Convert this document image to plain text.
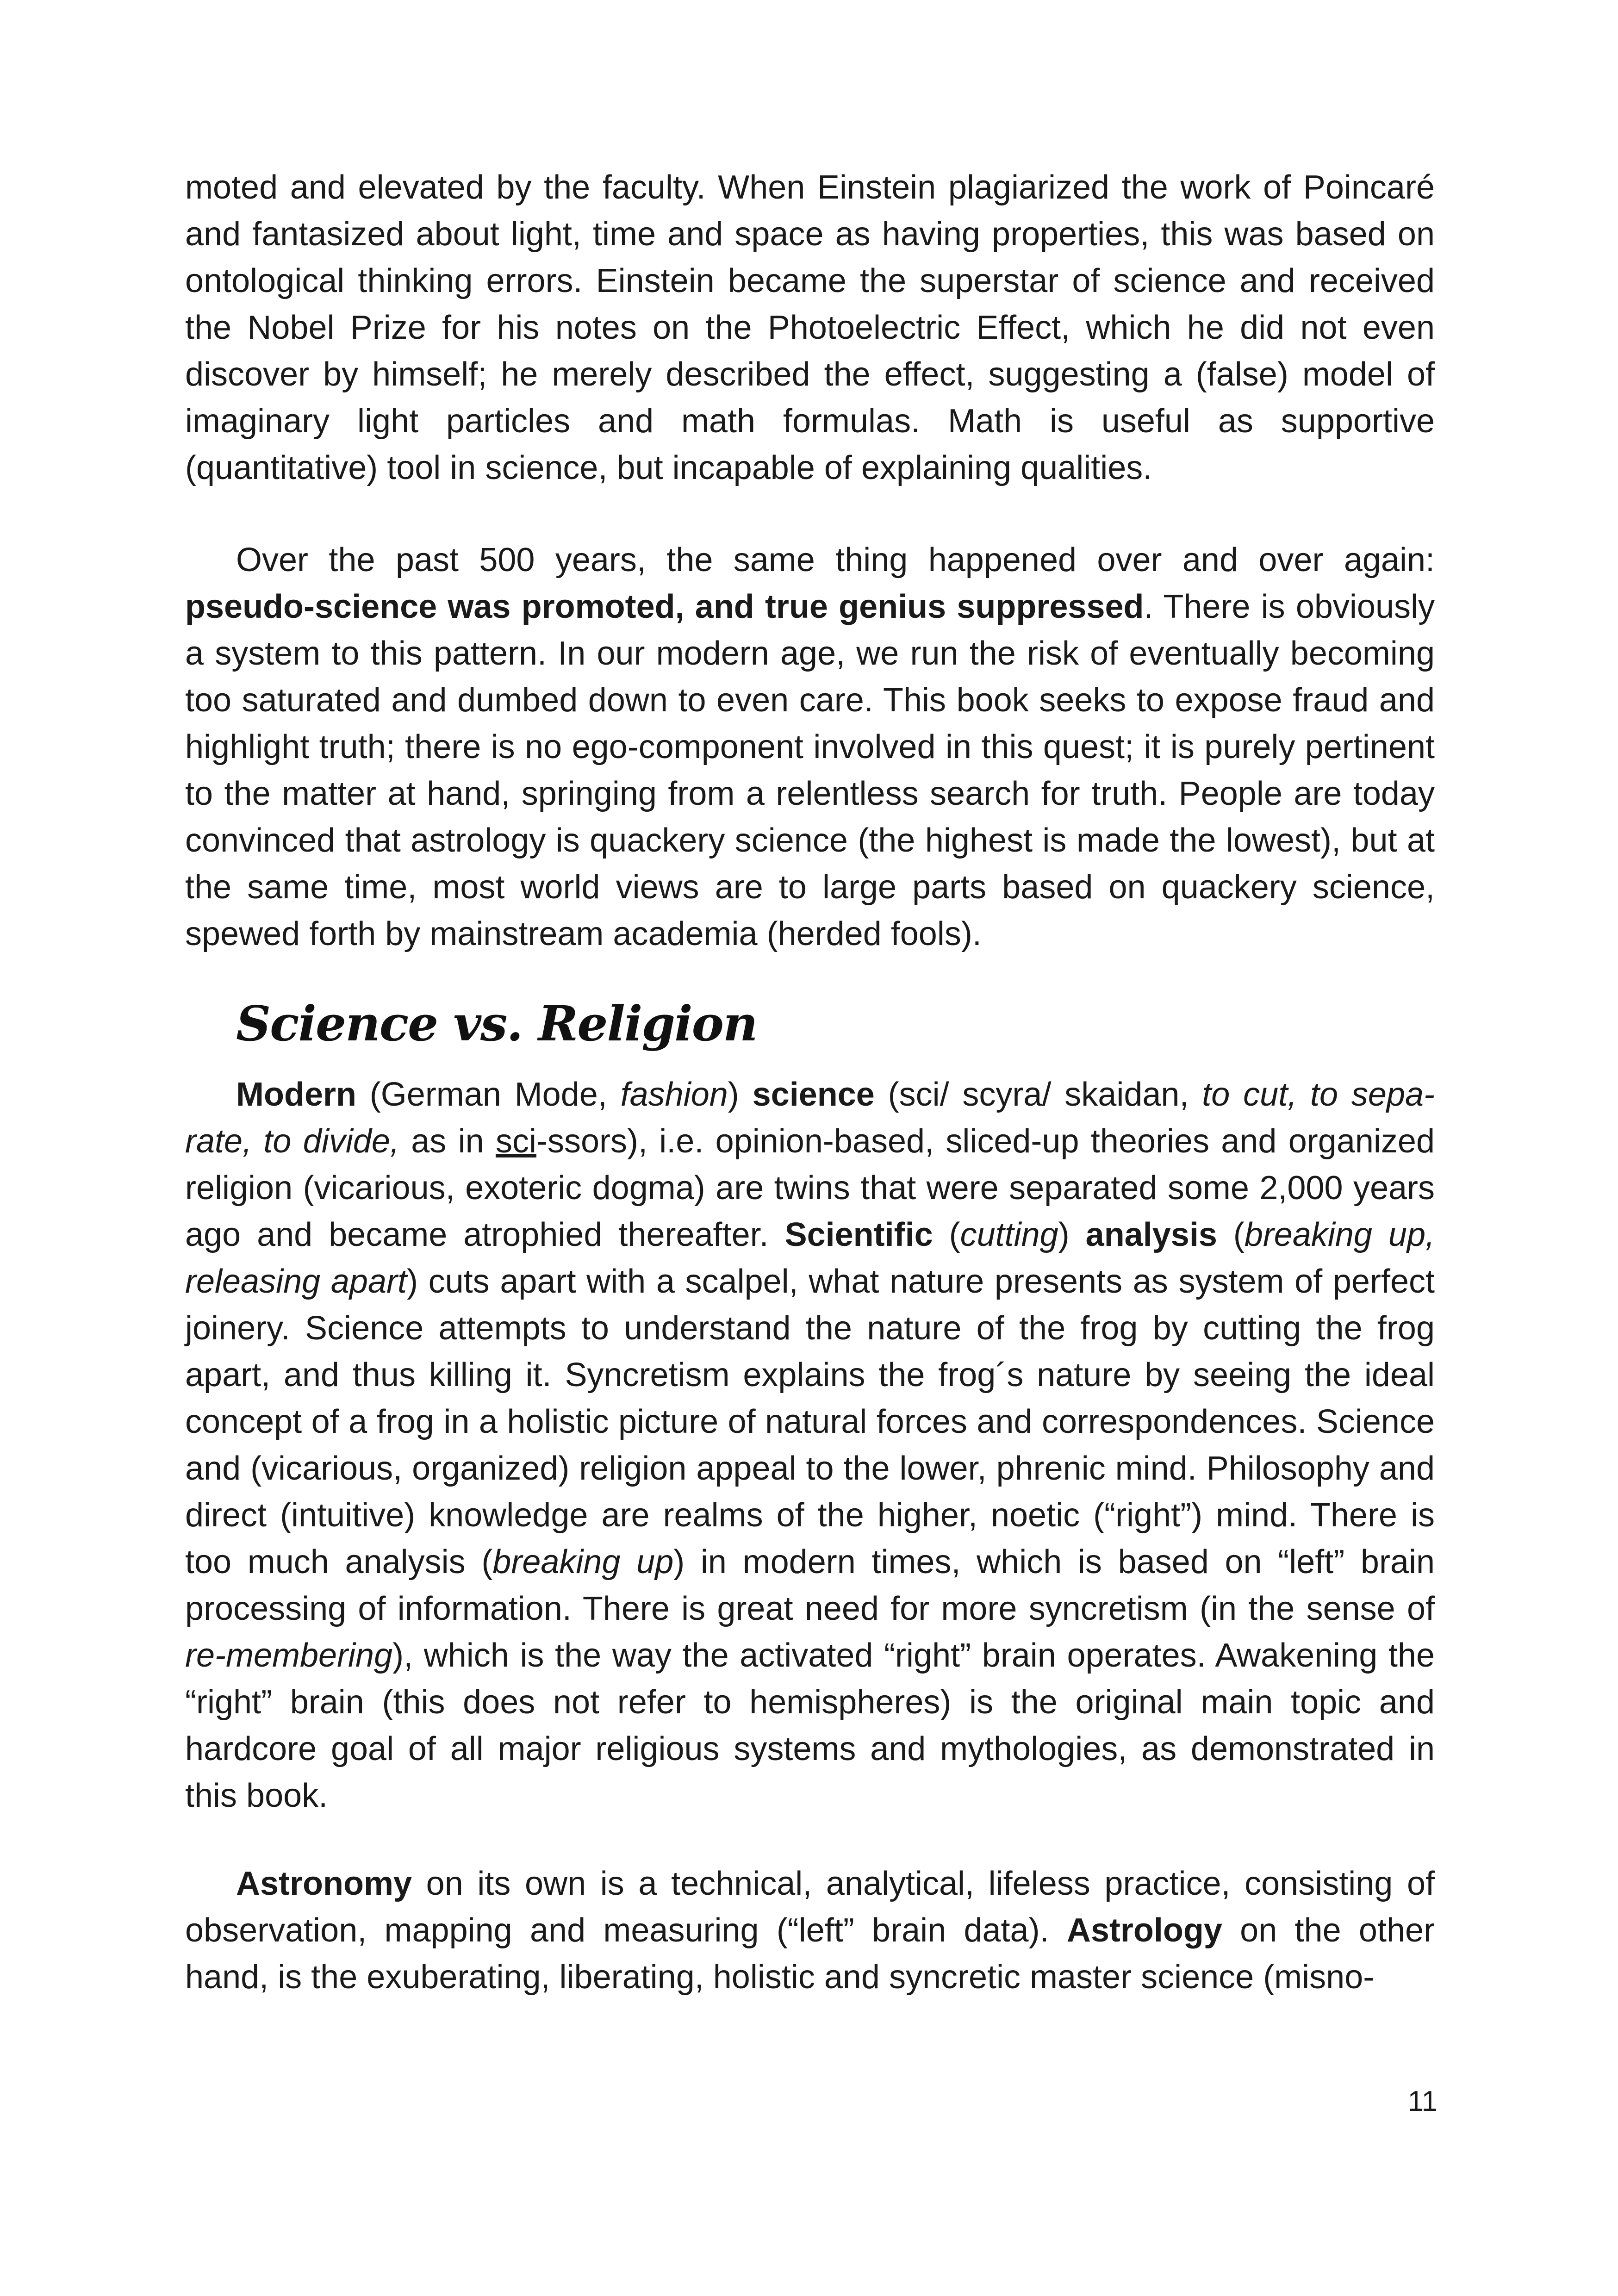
moted and elevated by the faculty. When Einstein plagiarized the work of Poincaré and fantasized about light, time and space as having properties, this was based on ontological thinking errors. Einstein became the superstar of science and received the Nobel Prize for his notes on the Photoelectric Effect, which he did not even discover by himself; he merely described the effect, suggesting a (false) model of imaginary light particles and math formulas. Math is useful as supportive (quantitative) tool in science, but incapable of explaining qualities.

Over the past 500 years, the same thing happened over and over again: pseudo-science was promoted, and true genius suppressed. There is obviously a system to this pattern. In our modern age, we run the risk of eventually becoming too saturated and dumbed down to even care. This book seeks to expose fraud and highlight truth; there is no ego-component involved in this quest; it is purely pertinent to the matter at hand, springing from a relentless search for truth. People are today convinced that astrology is quackery science (the highest is made the lowest), but at the same time, most world views are to large parts based on quackery science, spewed forth by mainstream academia (herded fools).

Science vs. Religion

Modern (German Mode, fashion) science (sci/ scyra/ skaidan, to cut, to separate, to divide, as in sci-ssors), i.e. opinion-based, sliced-up theories and organized religion (vicarious, exoteric dogma) are twins that were separated some 2,000 years ago and became atrophied thereafter. Scientific (cutting) analysis (breaking up, releasing apart) cuts apart with a scalpel, what nature presents as system of perfect joinery. Science attempts to understand the nature of the frog by cutting the frog apart, and thus killing it. Syncretism explains the frog´s nature by seeing the ideal concept of a frog in a holistic picture of natural forces and correspondences. Science and (vicarious, organized) religion appeal to the lower, phrenic mind. Philosophy and direct (intuitive) knowledge are realms of the higher, noetic (“right”) mind. There is too much analysis (breaking up) in modern times, which is based on “left” brain processing of information. There is great need for more syncretism (in the sense of re-membering), which is the way the activated “right” brain operates. Awakening the “right” brain (this does not refer to hemispheres) is the original main topic and hardcore goal of all major religious systems and mythologies, as demonstrated in this book.

Astronomy on its own is a technical, analytical, lifeless practice, consisting of observation, mapping and measuring (“left” brain data). Astrology on the other hand, is the exuberating, liberating, holistic and syncretic master science (misno-

11
